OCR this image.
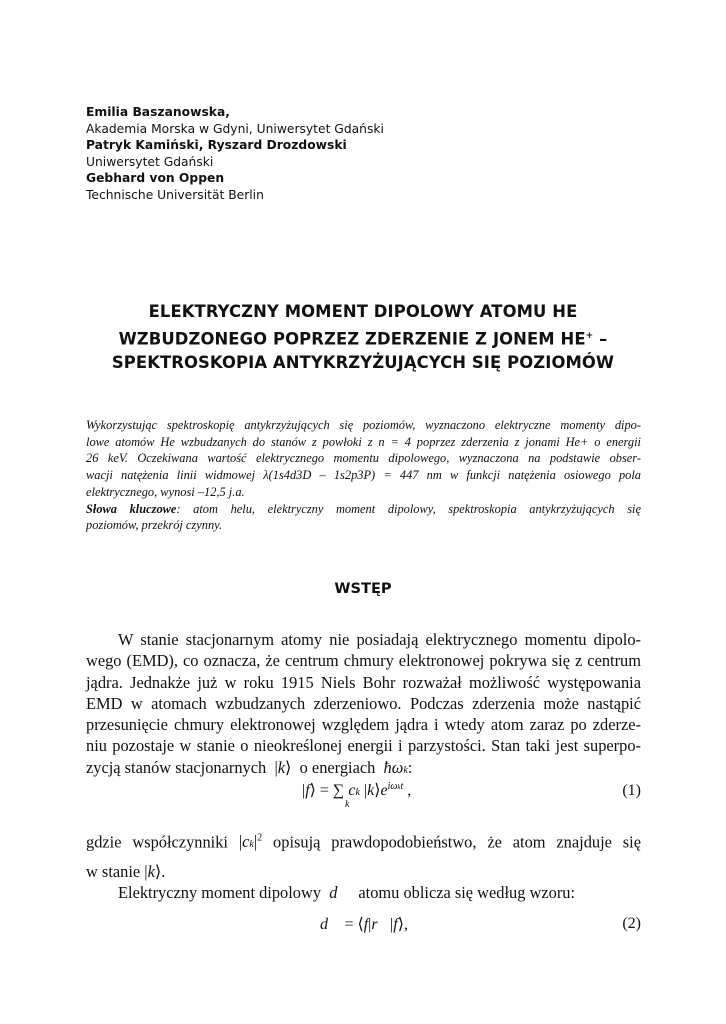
Emilia Baszanowska,
Akademia Morska w Gdyni, Uniwersytet Gdański
Patryk Kamiński, Ryszard Drozdowski
Uniwersytet Gdański
Gebhard von Oppen
Technische Universität Berlin
ELEKTRYCZNY MOMENT DIPOLOWY ATOMU HE
WZBUDZONEGO POPRZEZ ZDERZENIE Z JONEM HE+ –
SPEKTROSKOPIA ANTYKRZYŻUJĄCYCH SIĘ POZIOMÓW
Wykorzystując spektroskopię antykrzyżujących się poziomów, wyznaczono elektryczne momenty dipo-
lowe atomów He wzbudzanych do stanów z powłoki z n = 4 poprzez zderzenia z jonami He+ o energii
26 keV. Oczekiwana wartość elektrycznego momentu dipolowego, wyznaczona na podstawie obser-
wacji natężenia linii widmowej λ(1s4d3D – 1s2p3P) = 447 nm w funkcji natężenia osiowego pola
elektrycznego, wynosi –12,5 j.a.
Słowa kluczowe: atom helu, elektryczny moment dipolowy, spektroskopia antykrzyżujących się
poziomów, przekrój czynny.
WSTĘP
W stanie stacjonarnym atomy nie posiadają elektrycznego momentu dipolo-
wego (EMD), co oznacza, że centrum chmury elektronowej pokrywa się z centrum
jądra. Jednakże już w roku 1915 Niels Bohr rozważał możliwość występowania
EMD w atomach wzbudzanych zderzeniowo. Podczas zderzenia może nastąpić
przesunięcie chmury elektronowej względem jądra i wtedy atom zaraz po zderze-
niu pozostaje w stanie o nieokreślonej energii i parzystości. Stan taki jest superpo-
zycją stanów stacjonarnych |k⟩ o energiach ħωk:
|f⟩ = ∑ ck $|k⟩e^{i\omega kt}$ ,
k
(1)
gdzie współczynniki $|ck|^2$ opisują prawdopodobieństwo, że atom znajduje się
w stanie |k⟩.
Elektryczny moment dipolowy d⃗ atomu oblicza się według wzoru:
d⃗ = ⟨f|r⃗|f⟩,	(2)
